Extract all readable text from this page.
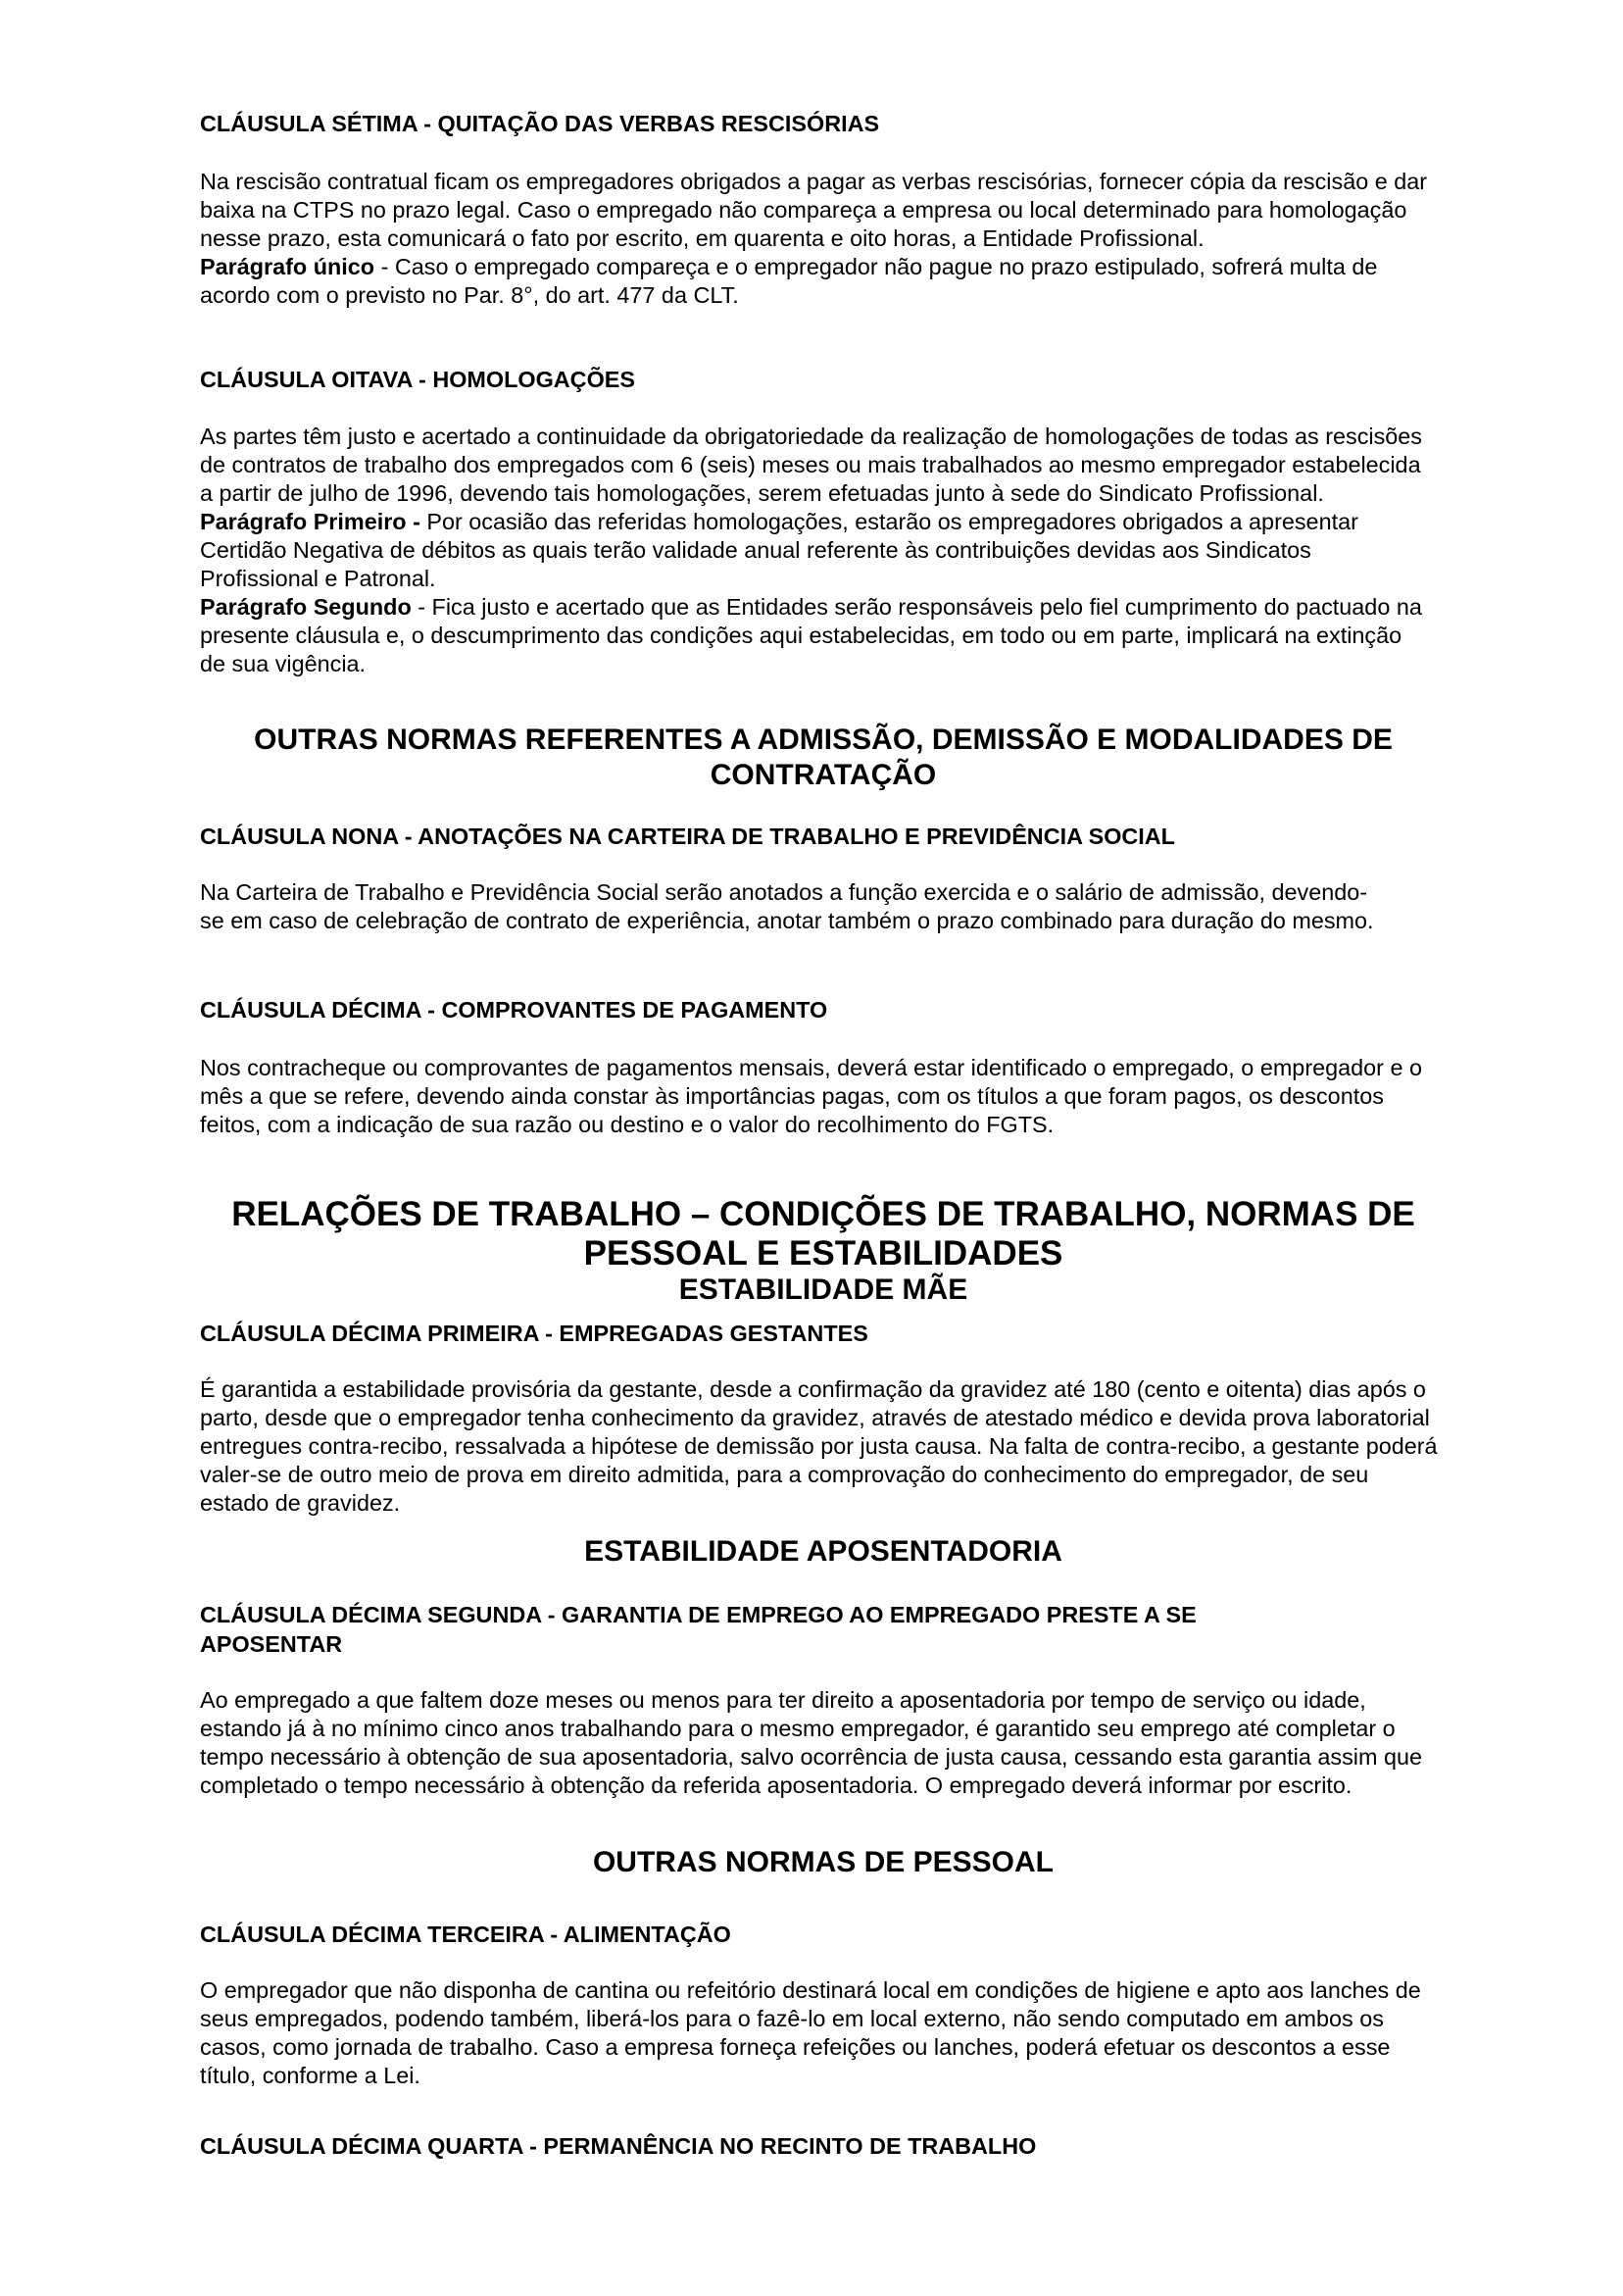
CLÁUSULA SÉTIMA - QUITAÇÃO DAS VERBAS RESCISÓRIAS

Na rescisão contratual ficam os empregadores obrigados a pagar as verbas rescisórias, fornecer cópia da rescisão e dar baixa na CTPS no prazo legal. Caso o empregado não compareça a empresa ou local determinado para homologação nesse prazo, esta comunicará o fato por escrito, em quarenta e oito horas, a Entidade Profissional.

Parágrafo único - Caso o empregado compareça e o empregador não pague no prazo estipulado, sofrerá multa de acordo com o previsto no Par. 8°, do art. 477 da CLT.

CLÁUSULA OITAVA - HOMOLOGAÇÕES

As partes têm justo e acertado a continuidade da obrigatoriedade da realização de homologações de todas as rescisões de contratos de trabalho dos empregados com 6 (seis) meses ou mais trabalhados ao mesmo empregador estabelecida a partir de julho de 1996, devendo tais homologações, serem efetuadas junto à sede do Sindicato Profissional.

Parágrafo Primeiro - Por ocasião das referidas homologações, estarão os empregadores obrigados a apresentar Certidão Negativa de débitos as quais terão validade anual referente às contribuições devidas aos Sindicatos Profissional e Patronal.

Parágrafo Segundo - Fica justo e acertado que as Entidades serão responsáveis pelo fiel cumprimento do pactuado na presente cláusula e, o descumprimento das condições aqui estabelecidas, em todo ou em parte, implicará na extinção de sua vigência.

OUTRAS NORMAS REFERENTES A ADMISSÃO, DEMISSÃO E MODALIDADES DE

CONTRATAÇÃO

CLÁUSULA NONA - ANOTAÇÕES NA CARTEIRA DE TRABALHO E PREVIDÊNCIA SOCIAL

Na Carteira de Trabalho e Previdência Social serão anotados a função exercida e o salário de admissão, devendo-

se em caso de celebração de contrato de experiência, anotar também o prazo combinado para duração do mesmo.

CLÁUSULA DÉCIMA - COMPROVANTES DE PAGAMENTO

Nos contracheque ou comprovantes de pagamentos mensais, deverá estar identificado o empregado, o empregador e o mês a que se refere, devendo ainda constar às importâncias pagas, com os títulos a que foram pagos, os descontos feitos, com a indicação de sua razão ou destino e o valor do recolhimento do FGTS.

RELAÇÕES DE TRABALHO – CONDIÇÕES DE TRABALHO, NORMAS DE

PESSOAL E ESTABILIDADES

ESTABILIDADE MÃE

CLÁUSULA DÉCIMA PRIMEIRA - EMPREGADAS GESTANTES

É garantida a estabilidade provisória da gestante, desde a confirmação da gravidez até 180 (cento e oitenta) dias após o parto, desde que o empregador tenha conhecimento da gravidez, através de atestado médico e devida prova laboratorial entregues contra-recibo, ressalvada a hipótese de demissão por justa causa. Na falta de contra-recibo, a gestante poderá valer-se de outro meio de prova em direito admitida, para a comprovação do conhecimento do empregador, de seu estado de gravidez.

ESTABILIDADE APOSENTADORIA

CLÁUSULA DÉCIMA SEGUNDA - GARANTIA DE EMPREGO AO EMPREGADO PRESTE A SE
APOSENTAR

Ao empregado a que faltem doze meses ou menos para ter direito a aposentadoria por tempo de serviço ou idade, estando já à no mínimo cinco anos trabalhando para o mesmo empregador, é garantido seu emprego até completar o tempo necessário à obtenção de sua aposentadoria, salvo ocorrência de justa causa, cessando esta garantia assim que completado o tempo necessário à obtenção da referida aposentadoria. O empregado deverá informar por escrito.

OUTRAS NORMAS DE PESSOAL

CLÁUSULA DÉCIMA TERCEIRA - ALIMENTAÇÃO

O empregador que não disponha de cantina ou refeitório destinará local em condições de higiene e apto aos lanches de seus empregados, podendo também, liberá-los para o fazê-lo em local externo, não sendo computado em ambos os casos, como jornada de trabalho. Caso a empresa forneça refeições ou lanches, poderá efetuar os descontos a esse título, conforme a Lei.

CLÁUSULA DÉCIMA QUARTA - PERMANÊNCIA NO RECINTO DE TRABALHO
